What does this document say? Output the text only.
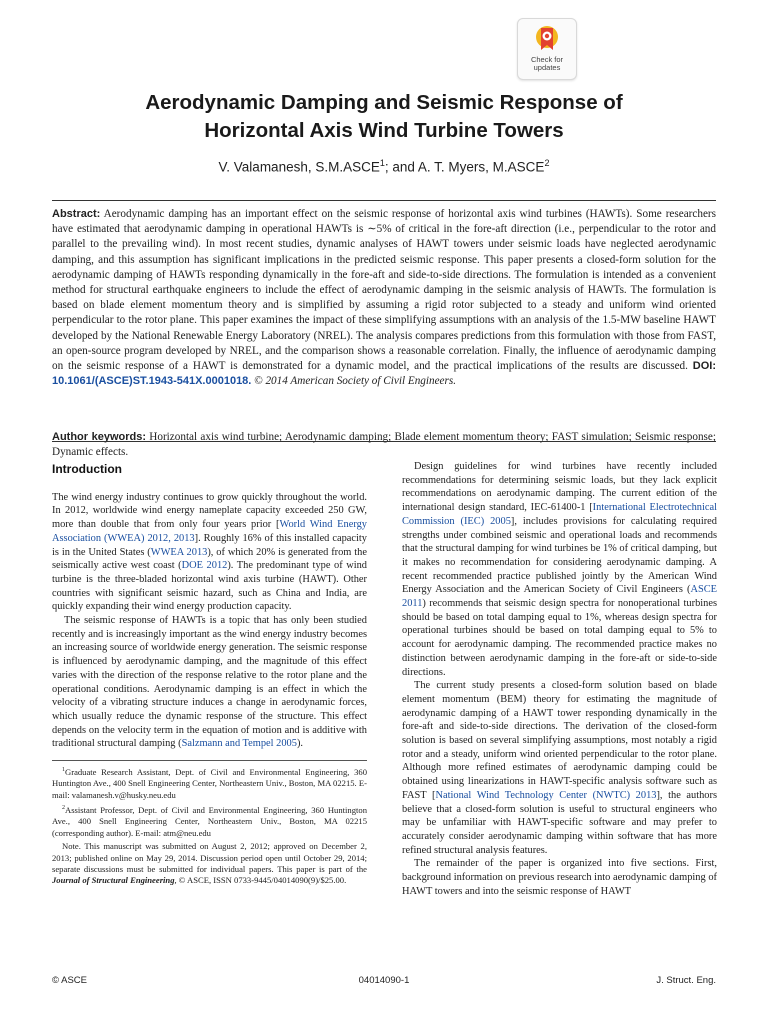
Check for
updates
Aerodynamic Damping and Seismic Response of
Horizontal Axis Wind Turbine Towers
V. Valamanesh, S.M.ASCE$^1$; and A. T. Myers, M.ASCE$^2$
Abstract: Aerodynamic damping has an important effect on the seismic response of horizontal axis wind turbines (HAWTs). Some researchers have estimated that aerodynamic damping in operational HAWTs is ∼5% of critical in the fore-aft direction (i.e., perpendicular to the rotor and parallel to the prevailing wind). In most recent studies, dynamic analyses of HAWT towers under seismic loads have neglected aerodynamic damping, and this assumption has significant implications in the predicted seismic response. This paper presents a closed-form solution for the aerodynamic damping of HAWTs responding dynamically in the fore-aft and side-to-side directions. The formulation is intended as a convenient method for structural earthquake engineers to include the effect of aerodynamic damping in the seismic analysis of HAWTs. The formulation is based on blade element momentum theory and is simplified by assuming a rigid rotor subjected to a steady and uniform wind oriented perpendicular to the rotor plane. This paper examines the impact of these simplifying assumptions with an analysis of the 1.5-MW baseline HAWT developed by the National Renewable Energy Laboratory (NREL). The analysis compares predictions from this formulation with those from FAST, an open-source program developed by NREL, and the comparison shows a reasonable correlation. Finally, the influence of aerodynamic damping on the seismic response of a HAWT is demonstrated for a dynamic model, and the practical implications of the results are discussed. DOI: 10.1061/(ASCE)ST.1943-541X.0001018. © 2014 American Society of Civil Engineers.
Author keywords: Horizontal axis wind turbine; Aerodynamic damping; Blade element momentum theory; FAST simulation; Seismic response; Dynamic effects.
Introduction

The wind energy industry continues to grow quickly throughout the world. In 2012, worldwide wind energy nameplate capacity exceeded 250 GW, more than double that from only four years prior [World Wind Energy Association (WWEA) 2012, 2013]. Roughly 16% of this installed capacity is in the United States (WWEA 2013), of which 20% is generated from the seismically active west coast (DOE 2012). The predominant type of wind turbine is the three-bladed horizontal wind axis turbine (HAWT). Other countries with significant seismic hazard, such as China and India, are quickly expanding their wind energy production capacity.

The seismic response of HAWTs is a topic that has only been studied recently and is increasingly important as the wind energy industry becomes an increasing source of worldwide energy generation. The seismic response is influenced by aerodynamic damping, and the magnitude of this effect varies with the direction of the response relative to the rotor plane and the operational conditions. Aerodynamic damping is an effect in which the velocity of a vibrating structure induces a change in aerodynamic forces, which usually reduce the dynamic response of the structure. This effect depends on the velocity term in the equation of motion and is additive with traditional structural damping (Salzmann and Tempel 2005).

$^1$Graduate Research Assistant, Dept. of Civil and Environmental Engineering, 360 Huntington Ave., 400 Snell Engineering Center, Northeastern Univ., Boston, MA 02215. E-mail: valamanesh.v@husky.neu.edu

$^2$Assistant Professor, Dept. of Civil and Environmental Engineering, 360 Huntington Ave., 400 Snell Engineering Center, Northeastern Univ., Boston, MA 02215 (corresponding author). E-mail: atm@neu.edu

Note. This manuscript was submitted on August 2, 2012; approved on December 2, 2013; published online on May 29, 2014. Discussion period open until October 29, 2014; separate discussions must be submitted for individual papers. This paper is part of the Journal of Structural Engineering, © ASCE, ISSN 0733-9445/04014090(9)/$25.00.

Design guidelines for wind turbines have recently included recommendations for determining seismic loads, but they lack explicit recommendations on aerodynamic damping. The current edition of the international design standard, IEC-61400-1 [International Electrotechnical Commission (IEC) 2005], includes provisions for calculating required strengths under combined seismic and operational loads and recommends that the structural damping for wind turbines be 1% of critical damping, but it makes no recommendation for considering aerodynamic damping. A recent recommended practice published jointly by the American Wind Energy Association and the American Society of Civil Engineers (ASCE 2011) recommends that seismic design spectra for nonoperational turbines should be based on total damping equal to 1%, whereas design spectra for operational turbines should be based on total damping equal to 5% to account for aerodynamic damping. The recommended practice makes no distinction between aerodynamic damping in the fore-aft or side-to-side directions.

The current study presents a closed-form solution based on blade element momentum (BEM) theory for estimating the magnitude of aerodynamic damping of a HAWT tower responding dynamically in the fore-aft and side-to-side directions. The derivation of the closed-form solution is based on several simplifying assumptions, most notably a rigid rotor and a steady, uniform wind oriented perpendicular to the rotor plane. Although more refined estimates of aerodynamic damping could be obtained using linearizations in HAWT-specific analysis software such as FAST [National Wind Technology Center (NWTC) 2013], the authors believe that a closed-form solution is useful to structural engineers who may be unfamiliar with HAWT-specific software and may prefer to accurately consider aerodynamic damping within software that has more refined structural analysis features.

The remainder of the paper is organized into five sections. First, background information on previous research into aerodynamic damping of HAWT towers and into the seismic response of HAWT

© ASCE	04014090-1	J. Struct. Eng.
